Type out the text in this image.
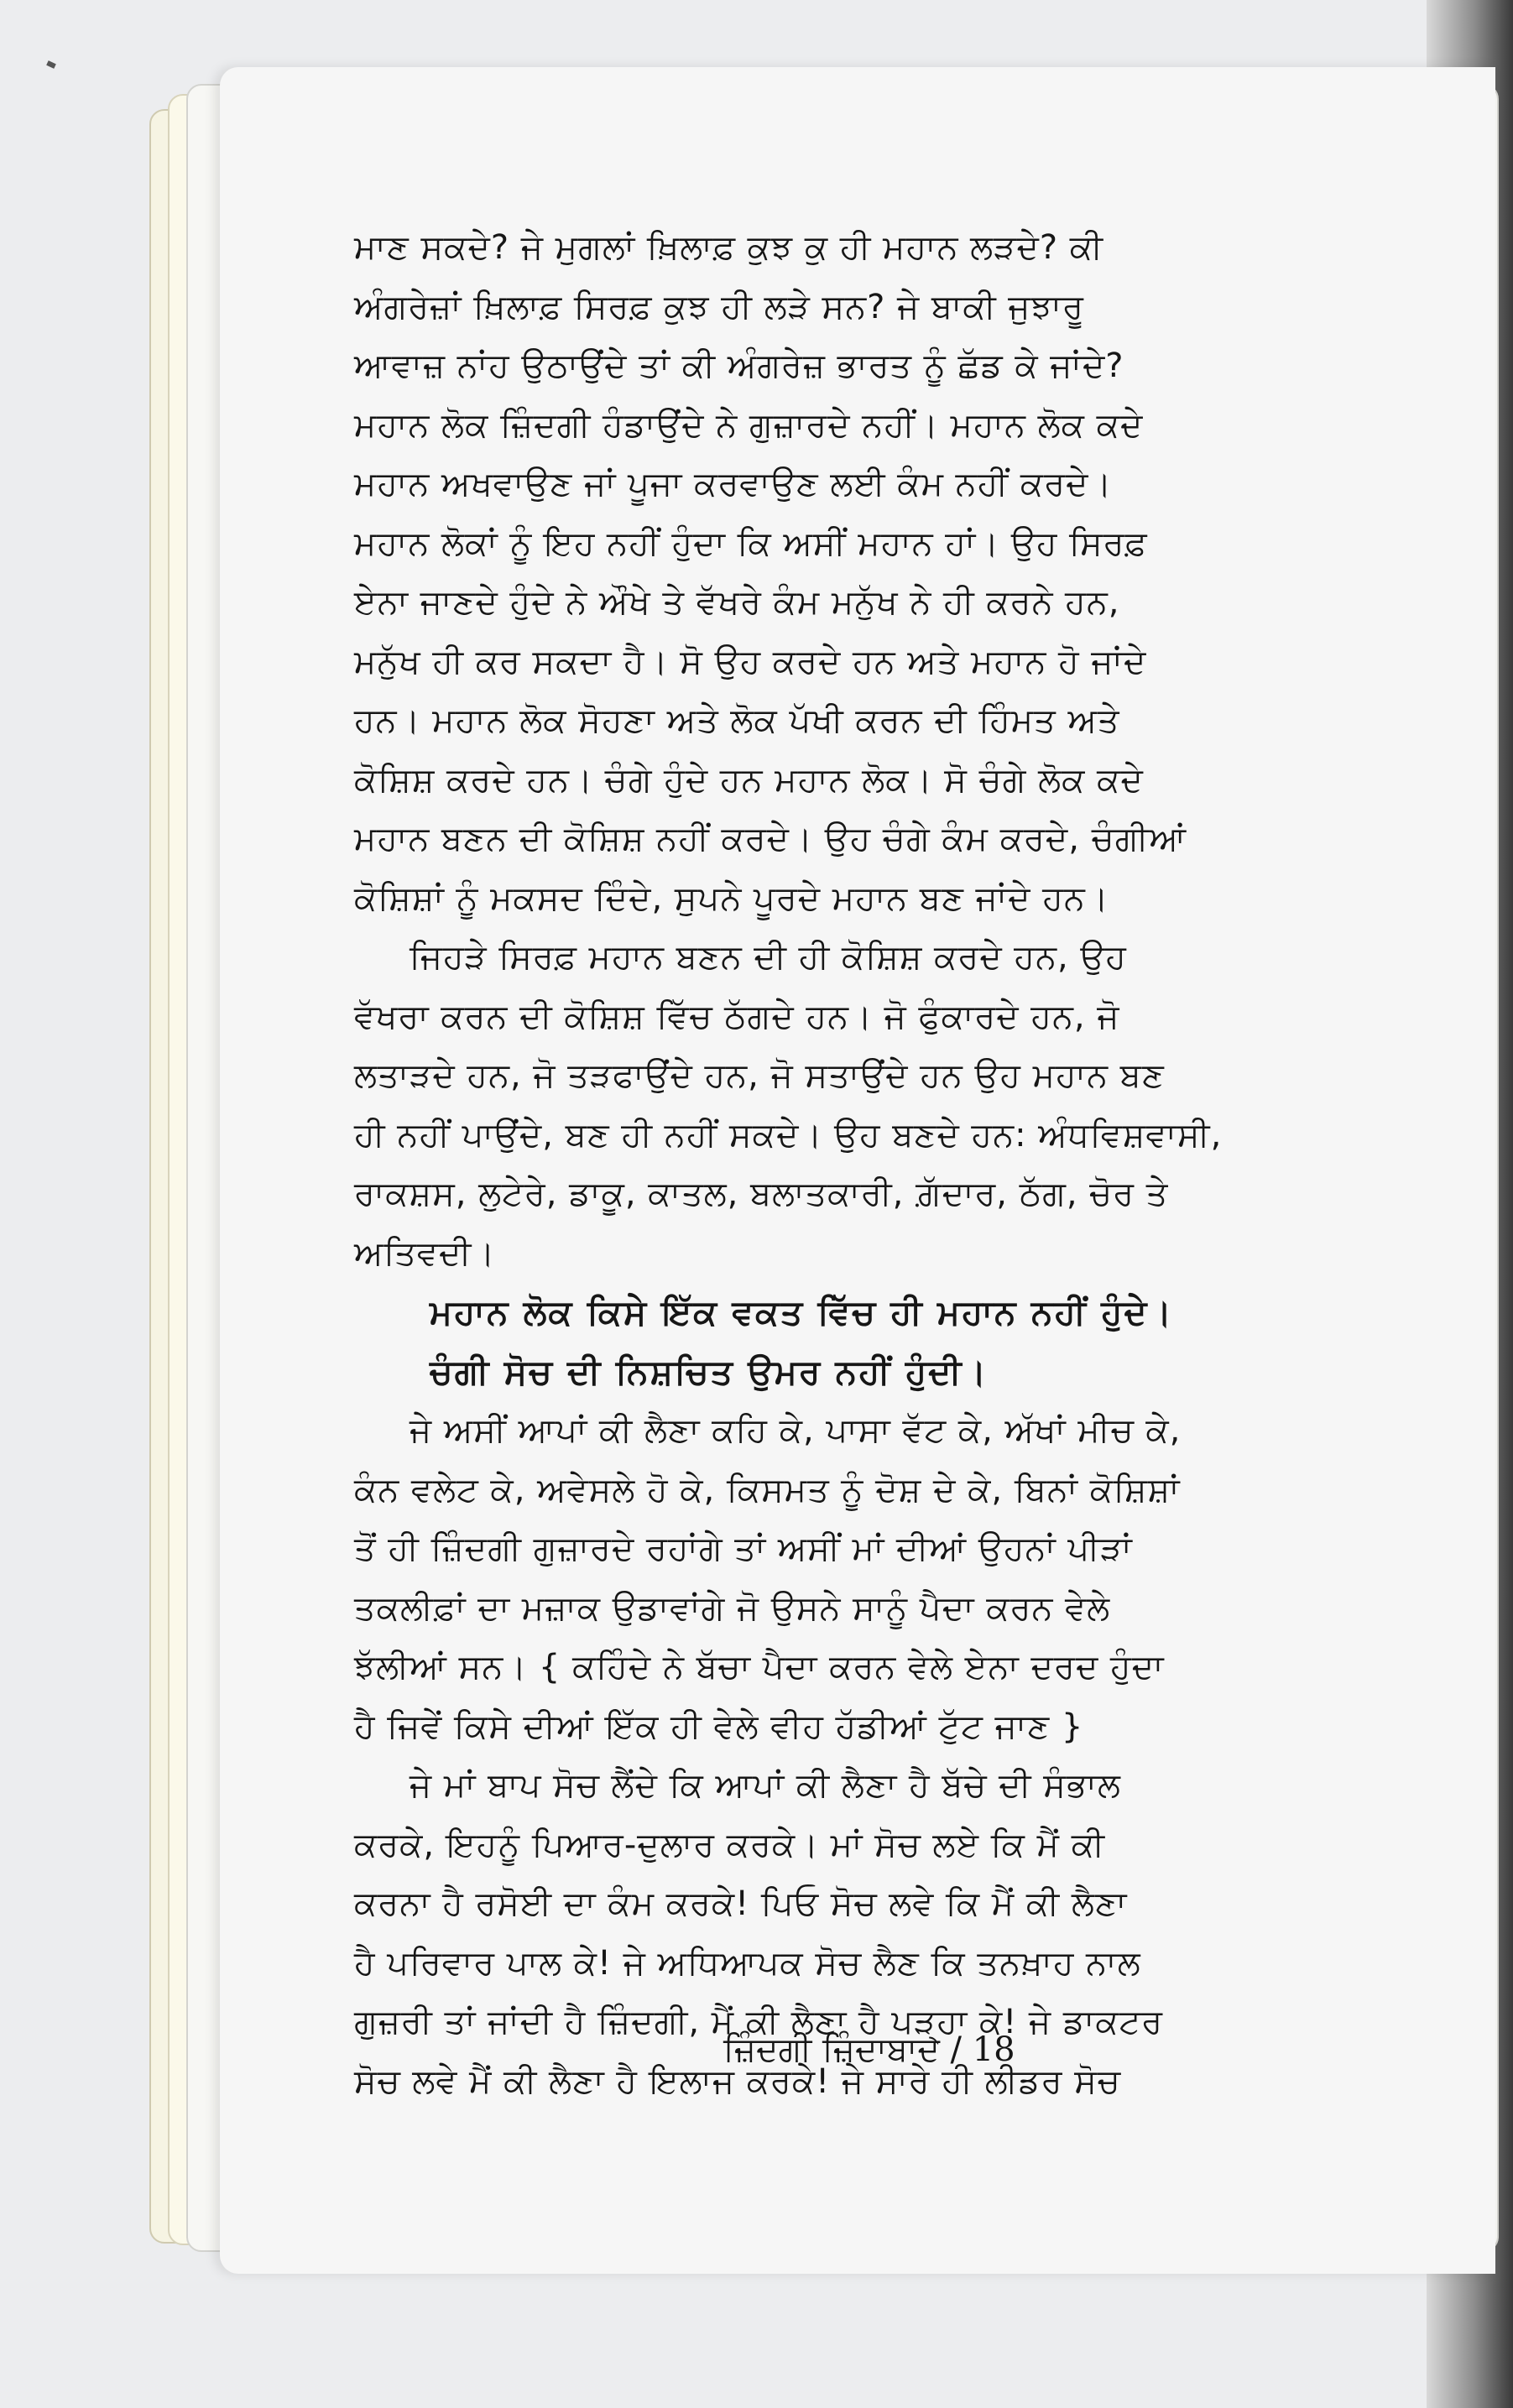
ਮਾਣ ਸਕਦੇ? ਜੇ ਮੁਗਲਾਂ ਖ਼ਿਲਾਫ਼ ਕੁਝ ਕੁ ਹੀ ਮਹਾਨ ਲੜਦੇ? ਕੀ
ਅੰਗਰੇਜ਼ਾਂ ਖ਼ਿਲਾਫ਼ ਸਿਰਫ਼ ਕੁਝ ਹੀ ਲੜੇ ਸਨ? ਜੇ ਬਾਕੀ ਜੁਝਾਰੂ
ਆਵਾਜ਼ ਨਾਂਹ ਉਠਾਉਂਦੇ ਤਾਂ ਕੀ ਅੰਗਰੇਜ਼ ਭਾਰਤ ਨੂੰ ਛੱਡ ਕੇ ਜਾਂਦੇ?
ਮਹਾਨ ਲੋਕ ਜ਼ਿੰਦਗੀ ਹੰਡਾਉਂਦੇ ਨੇ ਗੁਜ਼ਾਰਦੇ ਨਹੀਂ। ਮਹਾਨ ਲੋਕ ਕਦੇ
ਮਹਾਨ ਅਖਵਾਉਣ ਜਾਂ ਪੂਜਾ ਕਰਵਾਉਣ ਲਈ ਕੰਮ ਨਹੀਂ ਕਰਦੇ।
ਮਹਾਨ ਲੋਕਾਂ ਨੂੰ ਇਹ ਨਹੀਂ ਹੁੰਦਾ ਕਿ ਅਸੀਂ ਮਹਾਨ ਹਾਂ। ਉਹ ਸਿਰਫ਼
ਏਨਾ ਜਾਣਦੇ ਹੁੰਦੇ ਨੇ ਔਖੇ ਤੇ ਵੱਖਰੇ ਕੰਮ ਮਨੁੱਖ ਨੇ ਹੀ ਕਰਨੇ ਹਨ,
ਮਨੁੱਖ ਹੀ ਕਰ ਸਕਦਾ ਹੈ। ਸੋ ਉਹ ਕਰਦੇ ਹਨ ਅਤੇ ਮਹਾਨ ਹੋ ਜਾਂਦੇ
ਹਨ। ਮਹਾਨ ਲੋਕ ਸੋਹਣਾ ਅਤੇ ਲੋਕ ਪੱਖੀ ਕਰਨ ਦੀ ਹਿੰਮਤ ਅਤੇ
ਕੋਸ਼ਿਸ਼ ਕਰਦੇ ਹਨ। ਚੰਗੇ ਹੁੰਦੇ ਹਨ ਮਹਾਨ ਲੋਕ। ਸੋ ਚੰਗੇ ਲੋਕ ਕਦੇ
ਮਹਾਨ ਬਣਨ ਦੀ ਕੋਸ਼ਿਸ਼ ਨਹੀਂ ਕਰਦੇ। ਉਹ ਚੰਗੇ ਕੰਮ ਕਰਦੇ, ਚੰਗੀਆਂ
ਕੋਸ਼ਿਸ਼ਾਂ ਨੂੰ ਮਕਸਦ ਦਿੰਦੇ, ਸੁਪਨੇ ਪੂਰਦੇ ਮਹਾਨ ਬਣ ਜਾਂਦੇ ਹਨ।
ਜਿਹੜੇ ਸਿਰਫ਼ ਮਹਾਨ ਬਣਨ ਦੀ ਹੀ ਕੋਸ਼ਿਸ਼ ਕਰਦੇ ਹਨ, ਉਹ
ਵੱਖਰਾ ਕਰਨ ਦੀ ਕੋਸ਼ਿਸ਼ ਵਿੱਚ ਠੱਗਦੇ ਹਨ। ਜੋ ਫੁੰਕਾਰਦੇ ਹਨ, ਜੋ
ਲਤਾੜਦੇ ਹਨ, ਜੋ ਤੜਫਾਉਂਦੇ ਹਨ, ਜੋ ਸਤਾਉਂਦੇ ਹਨ ਉਹ ਮਹਾਨ ਬਣ
ਹੀ ਨਹੀਂ ਪਾਉਂਦੇ, ਬਣ ਹੀ ਨਹੀਂ ਸਕਦੇ। ਉਹ ਬਣਦੇ ਹਨ: ਅੰਧਵਿਸ਼ਵਾਸੀ,
ਰਾਕਸ਼ਸ, ਲੁਟੇਰੇ, ਡਾਕੂ, ਕਾਤਲ, ਬਲਾਤਕਾਰੀ, ਗ਼ੱਦਾਰ, ਠੱਗ, ਚੋਰ ਤੇ
ਅਤਿਵਦੀ।
ਮਹਾਨ ਲੋਕ ਕਿਸੇ ਇੱਕ ਵਕਤ ਵਿੱਚ ਹੀ ਮਹਾਨ ਨਹੀਂ ਹੁੰਦੇ।
ਚੰਗੀ ਸੋਚ ਦੀ ਨਿਸ਼ਚਿਤ ਉਮਰ ਨਹੀਂ ਹੁੰਦੀ।
ਜੇ ਅਸੀਂ ਆਪਾਂ ਕੀ ਲੈਣਾ ਕਹਿ ਕੇ, ਪਾਸਾ ਵੱਟ ਕੇ, ਅੱਖਾਂ ਮੀਚ ਕੇ,
ਕੰਨ ਵਲੇਟ ਕੇ, ਅਵੇਸਲੇ ਹੋ ਕੇ, ਕਿਸਮਤ ਨੂੰ ਦੋਸ਼ ਦੇ ਕੇ, ਬਿਨਾਂ ਕੋਸ਼ਿਸ਼ਾਂ
ਤੋਂ ਹੀ ਜ਼ਿੰਦਗੀ ਗੁਜ਼ਾਰਦੇ ਰਹਾਂਗੇ ਤਾਂ ਅਸੀਂ ਮਾਂ ਦੀਆਂ ਉਹਨਾਂ ਪੀੜਾਂ
ਤਕਲੀਫ਼ਾਂ ਦਾ ਮਜ਼ਾਕ ਉਡਾਵਾਂਗੇ ਜੋ ਉਸਨੇ ਸਾਨੂੰ ਪੈਦਾ ਕਰਨ ਵੇਲੇ
ਝੱਲੀਆਂ ਸਨ। { ਕਹਿੰਦੇ ਨੇ ਬੱਚਾ ਪੈਦਾ ਕਰਨ ਵੇਲੇ ਏਨਾ ਦਰਦ ਹੁੰਦਾ
ਹੈ ਜਿਵੇਂ ਕਿਸੇ ਦੀਆਂ ਇੱਕ ਹੀ ਵੇਲੇ ਵੀਹ ਹੱਡੀਆਂ ਟੁੱਟ ਜਾਣ }
ਜੇ ਮਾਂ ਬਾਪ ਸੋਚ ਲੈਂਦੇ ਕਿ ਆਪਾਂ ਕੀ ਲੈਣਾ ਹੈ ਬੱਚੇ ਦੀ ਸੰਭਾਲ
ਕਰਕੇ, ਇਹਨੂੰ ਪਿਆਰ-ਦੁਲਾਰ ਕਰਕੇ। ਮਾਂ ਸੋਚ ਲਏ ਕਿ ਮੈਂ ਕੀ
ਕਰਨਾ ਹੈ ਰਸੋਈ ਦਾ ਕੰਮ ਕਰਕੇ! ਪਿਓ ਸੋਚ ਲਵੇ ਕਿ ਮੈਂ ਕੀ ਲੈਣਾ
ਹੈ ਪਰਿਵਾਰ ਪਾਲ ਕੇ! ਜੇ ਅਧਿਆਪਕ ਸੋਚ ਲੈਣ ਕਿ ਤਨਖ਼ਾਹ ਨਾਲ
ਗੁਜ਼ਰੀ ਤਾਂ ਜਾਂਦੀ ਹੈ ਜ਼ਿੰਦਗੀ, ਮੈਂ ਕੀ ਲੈਣਾ ਹੈ ਪੜ੍ਹਾ ਕੇ! ਜੇ ਡਾਕਟਰ
ਸੋਚ ਲਵੇ ਮੈਂ ਕੀ ਲੈਣਾ ਹੈ ਇਲਾਜ ਕਰਕੇ! ਜੇ ਸਾਰੇ ਹੀ ਲੀਡਰ ਸੋਚ
ਜ਼ਿੰਦਗੀ ਜ਼ਿੰਦਾਬਾਦ / 18
